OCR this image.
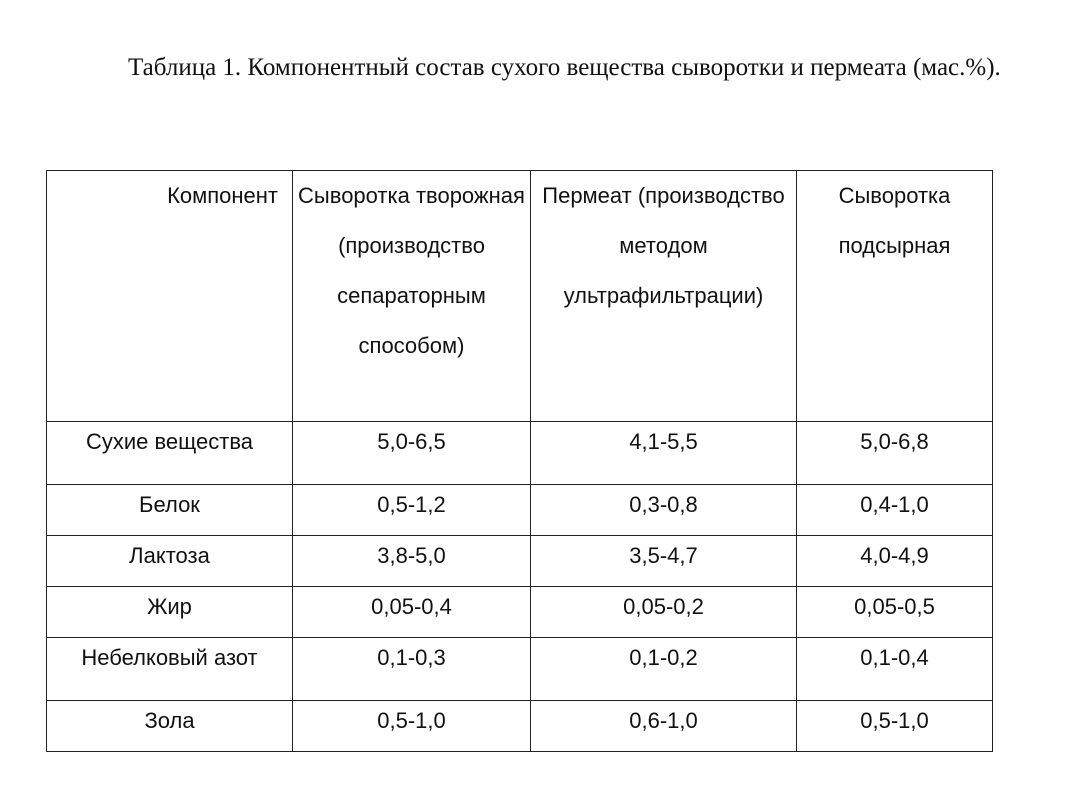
Таблица 1. Компонентный состав сухого вещества сыворотки и пермеата (мас.%).

Компонент	Сыворотка творожная (производство сепараторным способом)	Пермеат (производство методом ультрафильтрации)	Сыворотка подсырная
Сухие вещества	5,0-6,5	4,1-5,5	5,0-6,8
Белок	0,5-1,2	0,3-0,8	0,4-1,0
Лактоза	3,8-5,0	3,5-4,7	4,0-4,9
Жир	0,05-0,4	0,05-0,2	0,05-0,5
Небелковый азот	0,1-0,3	0,1-0,2	0,1-0,4
Зола	0,5-1,0	0,6-1,0	0,5-1,0
